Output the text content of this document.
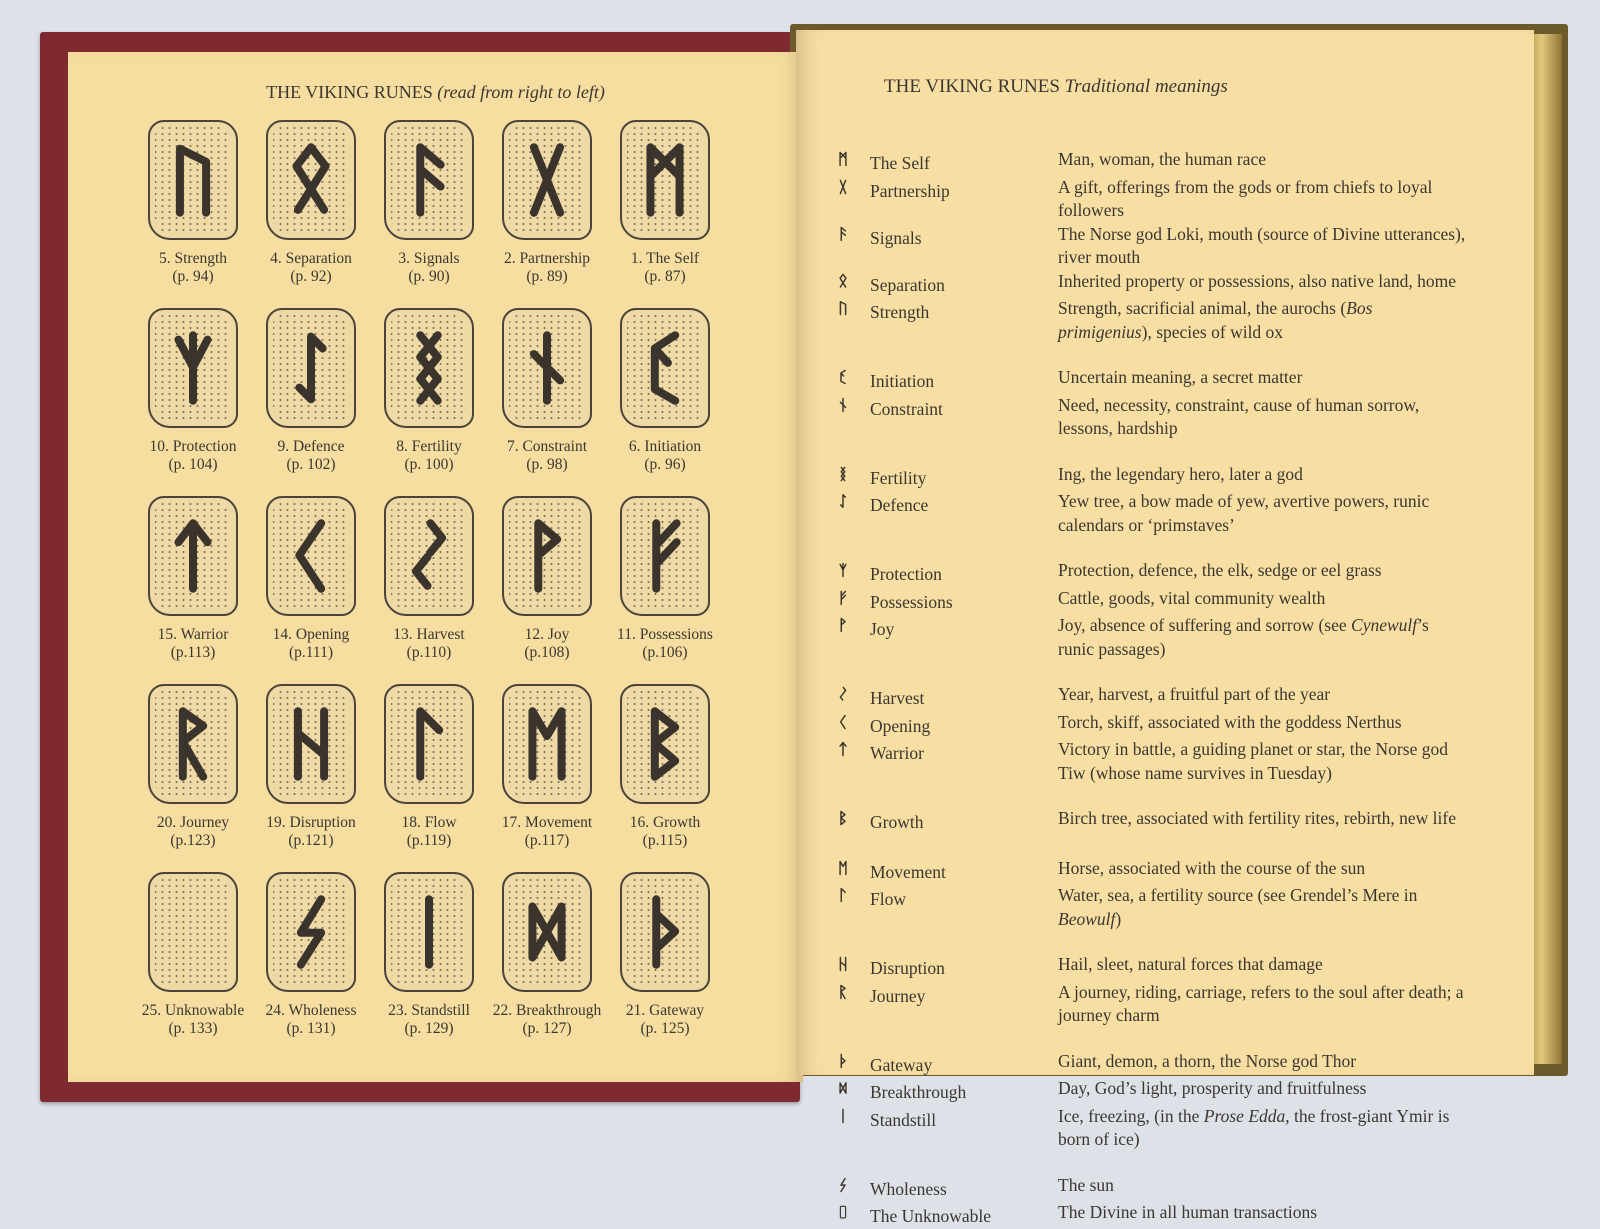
THE VIKING RUNES (read from right to left)
1. The Self
(p. 87)
2. Partnership
(p. 89)
3. Signals
(p. 90)
4. Separation
(p. 92)
5. Strength
(p. 94)
6. Initiation
(p. 96)
7. Constraint
(p. 98)
8. Fertility
(p. 100)
9. Defence
(p. 102)
10. Protection
(p. 104)
11. Possessions
(p.106)
12. Joy
(p.108)
13. Harvest
(p.110)
14. Opening
(p.111)
15. Warrior
(p.113)
16. Growth
(p.115)
17. Movement
(p.117)
18. Flow
(p.119)
19. Disruption
(p.121)
20. Journey
(p.123)
21. Gateway
(p. 125)
22. Breakthrough
(p. 127)
23. Standstill
(p. 129)
24. Wholeness
(p. 131)
25. Unknowable
(p. 133)
THE VIKING RUNES Traditional meanings
The Self	Man, woman, the human race
Partnership	A gift, offerings from the gods or from chiefs to loyal followers
Signals	The Norse god Loki, mouth (source of Divine utterances), river mouth
Separation	Inherited property or possessions, also native land, home
Strength	Strength, sacrificial animal, the aurochs (Bos primigenius), species of wild ox
Initiation	Uncertain meaning, a secret matter
Constraint	Need, necessity, constraint, cause of human sorrow, lessons, hardship
Fertility	Ing, the legendary hero, later a god
Defence	Yew tree, a bow made of yew, avertive powers, runic calendars or ‘primstaves’
Protection	Protection, defence, the elk, sedge or eel grass
Possessions	Cattle, goods, vital community wealth
Joy	Joy, absence of suffering and sorrow (see Cynewulf’s runic passages)
Harvest	Year, harvest, a fruitful part of the year
Opening	Torch, skiff, associated with the goddess Nerthus
Warrior	Victory in battle, a guiding planet or star, the Norse god Tiw (whose name survives in Tuesday)
Growth	Birch tree, associated with fertility rites, rebirth, new life
Movement	Horse, associated with the course of the sun
Flow	Water, sea, a fertility source (see Grendel’s Mere in Beowulf)
Disruption	Hail, sleet, natural forces that damage
Journey	A journey, riding, carriage, refers to the soul after death; a journey charm
Gateway	Giant, demon, a thorn, the Norse god Thor
Breakthrough	Day, God’s light, prosperity and fruitfulness
Standstill	Ice, freezing, (in the Prose Edda, the frost-giant Ymir is born of ice)
Wholeness	The sun
The Unknowable	The Divine in all human transactions
